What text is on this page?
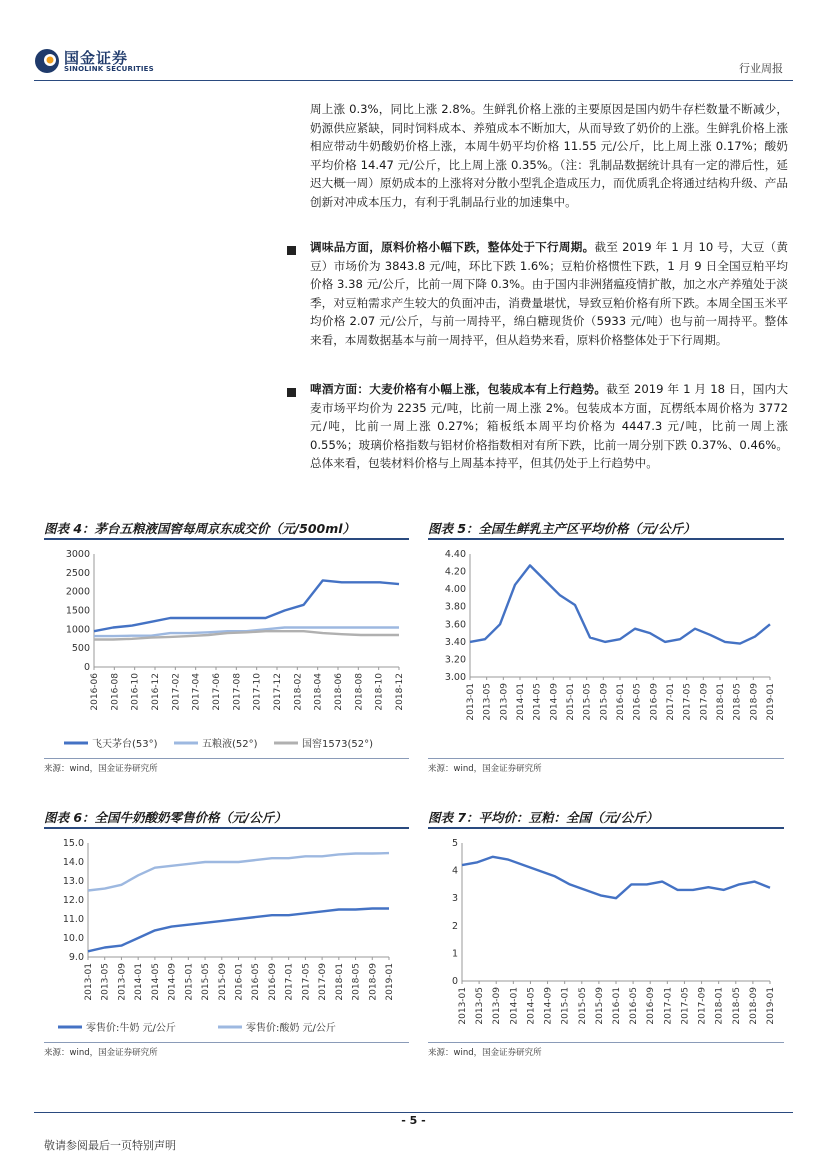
国金证券
SINOLINK SECURITIES	行业周报
周上涨 0.3%，同比上涨 2.8%。生鲜乳价格上涨的主要原因是国内奶牛存栏数量不断减少，奶源供应紧缺，同时饲料成本、养殖成本不断加大，从而导致了奶价的上涨。生鲜乳价格上涨相应带动牛奶酸奶价格上涨，本周牛奶平均价格 11.55 元/公斤，比上周上涨 0.17%；酸奶平均价格 14.47 元/公斤，比上周上涨 0.35%。（注：乳制品数据统计具有一定的滞后性，延迟大概一周）原奶成本的上涨将对分散小型乳企造成压力，而优质乳企将通过结构升级、产品创新对冲成本压力，有利于乳制品行业的加速集中。
调味品方面，原料价格小幅下跌，整体处于下行周期。截至 2019 年 1 月 10 号，大豆（黄豆）市场价为 3843.8 元/吨，环比下跌 1.6%；豆粕价格惯性下跌，1 月 9 日全国豆粕平均价格 3.38 元/公斤，比前一周下降 0.3%。由于国内非洲猪瘟疫情扩散，加之水产养殖处于淡季，对豆粕需求产生较大的负面冲击，消费量堪忧，导致豆粕价格有所下跌。本周全国玉米平均价格 2.07 元/公斤，与前一周持平，绵白糖现货价（5933 元/吨）也与前一周持平。整体来看，本周数据基本与前一周持平，但从趋势来看，原料价格整体处于下行周期。
啤酒方面：大麦价格有小幅上涨，包装成本有上行趋势。截至 2019 年 1 月 18 日，国内大麦市场平均价为 2235 元/吨，比前一周上涨 2%。包装成本方面，瓦楞纸本周价格为 3772 元/吨，比前一周上涨 0.27%；箱板纸本周平均价格为 4447.3 元/吨，比前一周上涨 0.55%；玻璃价格指数与铝材价格指数相对有所下跌，比前一周分别下跌 0.37%、0.46%。总体来看，包装材料价格与上周基本持平，但其仍处于上行趋势中。
图表 4：茅台五粮液国窖每周京东成交价（元/500ml）
0
500
1000
1500
2000
2500
3000
2016-06 2016-08 2016-10 2016-12 2017-02 2017-04 2017-06 2017-08 2017-10 2017-12 2018-02 2018-04 2018-06 2018-08 2018-10 2018-12
飞天茅台(53°)	五粮液(52°)	国窖1573(52°)
来源：wind，国金证券研究所
图表 5：全国生鲜乳主产区平均价格（元/公斤）
3.00
3.20
3.40
3.60
3.80
4.00
4.20
4.40
2013-01 2013-05 2013-09 2014-01 2014-05 2014-09 2015-01 2015-05 2015-09 2016-01 2016-05 2016-09 2017-01 2017-05 2017-09 2018-01 2018-05 2018-09 2019-01
来源：wind，国金证券研究所
图表 6：全国牛奶酸奶零售价格（元/公斤）
9.0
10.0
11.0
12.0
13.0
14.0
15.0
2013-01 2013-05 2013-09 2014-01 2014-05 2014-09 2015-01 2015-05 2015-09 2016-01 2016-05 2016-09 2017-01 2017-05 2017-09 2018-01 2018-05 2018-09 2019-01
零售价:牛奶 元/公斤	零售价:酸奶 元/公斤
来源：wind，国金证券研究所
图表 7：平均价：豆粕：全国（元/公斤）
0
1
2
3
4
5
2013-01 2013-05 2013-09 2014-01 2014-05 2014-09 2015-01 2015-05 2015-09 2016-01 2016-05 2016-09 2017-01 2017-05 2017-09 2018-01 2018-05 2018-09 2019-01
来源：wind，国金证券研究所
- 5 -
敬请参阅最后一页特别声明
